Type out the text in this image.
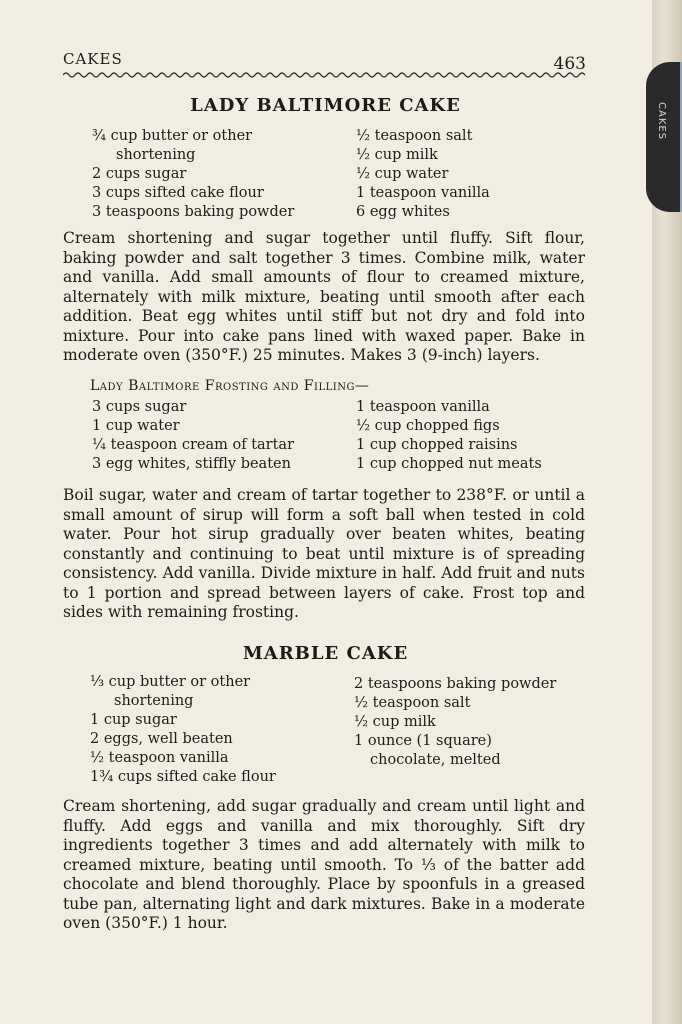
CAKES
CAKES	463
LADY BALTIMORE CAKE
¾ cup butter or other
shortening
2 cups sugar
3 cups sifted cake flour
3 teaspoons baking powder
½ teaspoon salt
½ cup milk
½ cup water
1 teaspoon vanilla
6 egg whites
Cream shortening and sugar together until fluffy. Sift flour, baking powder and salt together 3 times. Combine milk, water and vanilla. Add small amounts of flour to creamed mixture, alternately with milk mixture, beating until smooth after each addition. Beat egg whites until stiff but not dry and fold into mixture. Pour into cake pans lined with waxed paper. Bake in moderate oven (350°F.) 25 minutes. Makes 3 (9-inch) layers.
Lady Baltimore Frosting and Filling—
3 cups sugar
1 cup water
¼ teaspoon cream of tartar
3 egg whites, stiffly beaten
1 teaspoon vanilla
½ cup chopped figs
1 cup chopped raisins
1 cup chopped nut meats
Boil sugar, water and cream of tartar together to 238°F. or until a small amount of sirup will form a soft ball when tested in cold water. Pour hot sirup gradually over beaten whites, beating constantly and continuing to beat until mixture is of spreading consistency. Add vanilla. Divide mixture in half. Add fruit and nuts to 1 portion and spread between layers of cake. Frost top and sides with remaining frosting.
MARBLE CAKE
⅓ cup butter or other
shortening
1 cup sugar
2 eggs, well beaten
½ teaspoon vanilla
1¾ cups sifted cake flour
2 teaspoons baking powder
½ teaspoon salt
½ cup milk
1 ounce (1 square)
chocolate, melted
Cream shortening, add sugar gradually and cream until light and fluffy. Add eggs and vanilla and mix thoroughly. Sift dry ingredients together 3 times and add alternately with milk to creamed mixture, beating until smooth. To ⅓ of the batter add chocolate and blend thoroughly. Place by spoonfuls in a greased tube pan, alternating light and dark mixtures. Bake in a moderate oven (350°F.) 1 hour.
